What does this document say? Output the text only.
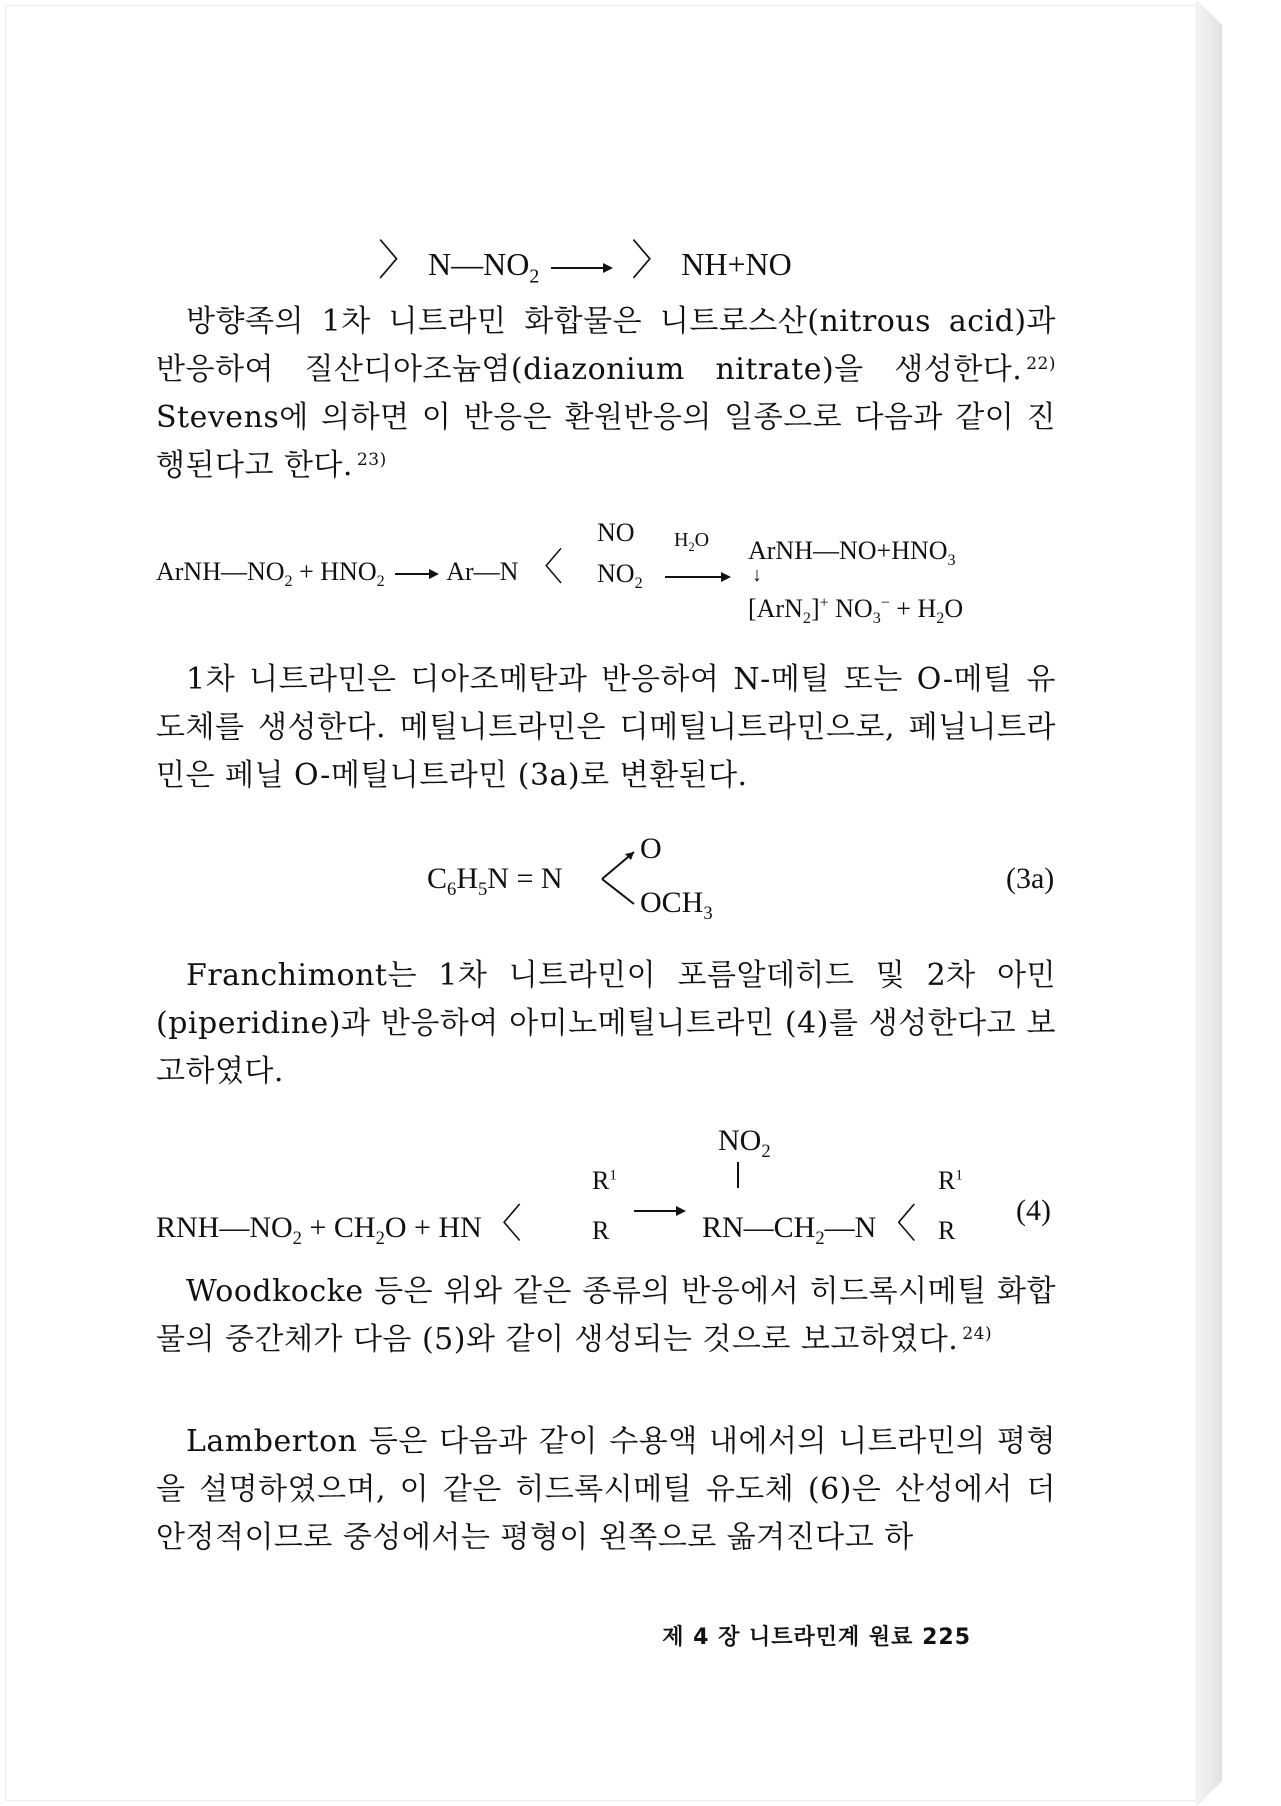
〉 $N—NO_2$ 〉 NH+NO
방향족의 1차 니트라민 화합물은 니트로스산(nitrous acid)과 반응하여 질산디아조늄염(diazonium nitrate)을 생성한다. $^{22)}$ Stevens에 의하면 이 반응은 환원반응의 일종으로 다음과 같이 진행된다고 한다. $^{23)}$
$ArNH—NO_2 + HNO_2$ Ar—N 〈
NO
$NO_2$
$H_2O$ $ArNH—NO+HNO_3$
↓
[ArN$_2$]+ $NO_3^- + H_2O$
1차 니트라민은 디아조메탄과 반응하여 N-메틸 또는 O-메틸 유도체를 생성한다. 메틸니트라민은 디메틸니트라민으로, 페닐니트라민은 페닐 O-메틸니트라민 (3a)로 변환된다.
$C_6H_5N = N$
O
$OCH_3$
(3a)
Franchimont는 1차 니트라민이 포름알데히드 및 2차 아민(piperidine)과 반응하여 아미노메틸니트라민 (4)를 생성한다고 보고하였다.
$NO_2$
$RNH—NO_2 + CH_2O$ + HN〈
$R^1$
R	$RN—CH_2—N$〈
$R^1$
R
(4)
Woodkocke 등은 위와 같은 종류의 반응에서 히드록시메틸 화합물의 중간체가 다음 (5)와 같이 생성되는 것으로 보고하였다. $^{24)}$
Lamberton 등은 다음과 같이 수용액 내에서의 니트라민의 평형을 설명하였으며, 이 같은 히드록시메틸 유도체 (6)은 산성에서 더 안정적이므로 중성에서는 평형이 왼쪽으로 옮겨진다고 하
제 4 장 니트라민계 원료 225
